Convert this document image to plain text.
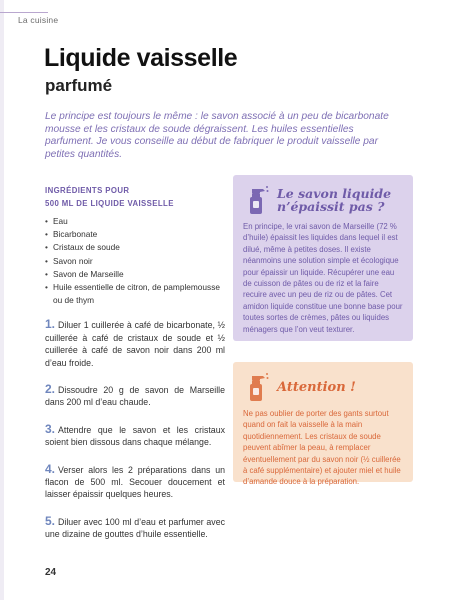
La cuisine
Liquide vaisselle
parfumé

Le principe est toujours le même : le savon associé à un peu de bicarbonate mousse et les cristaux de soude dégraissent. Les huiles essentielles parfument. Je vous conseille au début de fabriquer le produit vaisselle par petites quantités.

INGRÉDIENTS POUR
500 ML DE LIQUIDE VAISSELLE
• Eau
• Bicarbonate
• Cristaux de soude
• Savon noir
• Savon de Marseille
• Huile essentielle de citron, de pamplemousse ou de thym
1. Diluer 1 cuillerée à café de bicarbonate, ½ cuillerée à café de cristaux de soude et ½ cuillerée à café de savon noir dans 200 ml d’eau froide.
2. Dissoudre 20 g de savon de Marseille dans 200 ml d’eau chaude.
3. Attendre que le savon et les cristaux soient bien dissous dans chaque mélange.
4. Verser alors les 2 préparations dans un flacon de 500 ml. Secouer doucement et laisser épaissir quelques heures.
5. Diluer avec 100 ml d’eau et parfumer avec une dizaine de gouttes d’huile essentielle.
Le savon liquide
n’épaissit pas ?

En principe, le vrai savon de Marseille (72 % d’huile) épaissit les liquides dans lequel il est dilué, même à petites doses. Il existe néanmoins une solution simple et écologique pour épaissir un liquide. Récupérer une eau de cuisson de pâtes ou de riz et la faire recuire avec un peu de riz ou de pâtes. Cet amidon liquide constitue une bonne base pour toutes sortes de crèmes, pâtes ou liquides ménagers que l’on veut texturer.

Attention !

Ne pas oublier de porter des gants surtout quand on fait la vaisselle à la main quotidiennement. Les cristaux de soude peuvent abîmer la peau, à remplacer éventuellement par du savon noir (½ cuillerée à café supplémentaire) et ajouter miel et huile d’amande douce à la préparation.

24
